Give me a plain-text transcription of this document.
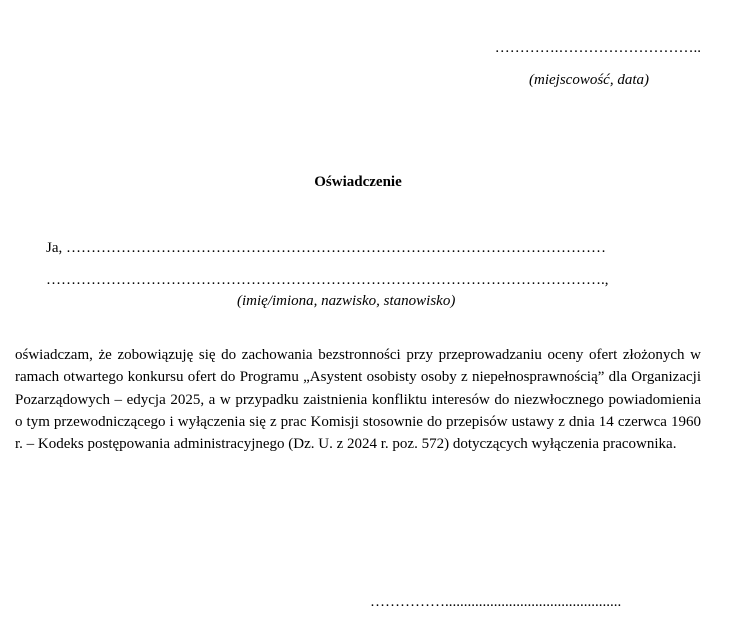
………….………………………..
(miejscowość, data)
Oświadczenie
Ja, ………………………………………………………………………………………………
………………………………………………………………………………………………….,
(imię/imiona, nazwisko, stanowisko)

oświadczam, że zobowiązuję się do zachowania bezstronności przy przeprowadzaniu oceny ofert złożonych w ramach otwartego konkursu ofert do Programu „Asystent osobisty osoby z niepełnosprawnością” dla Organizacji Pozarządowych – edycja 2025, a w przypadku zaistnienia konfliktu interesów do niezwłocznego powiadomienia o tym przewodniczącego i wyłączenia się z prac Komisji stosownie do przepisów ustawy z dnia 14 czerwca 1960 r. – Kodeks postępowania administracyjnego (Dz. U. z 2024 r. poz. 572) dotyczących wyłączenia pracownika.

……………...............................................
